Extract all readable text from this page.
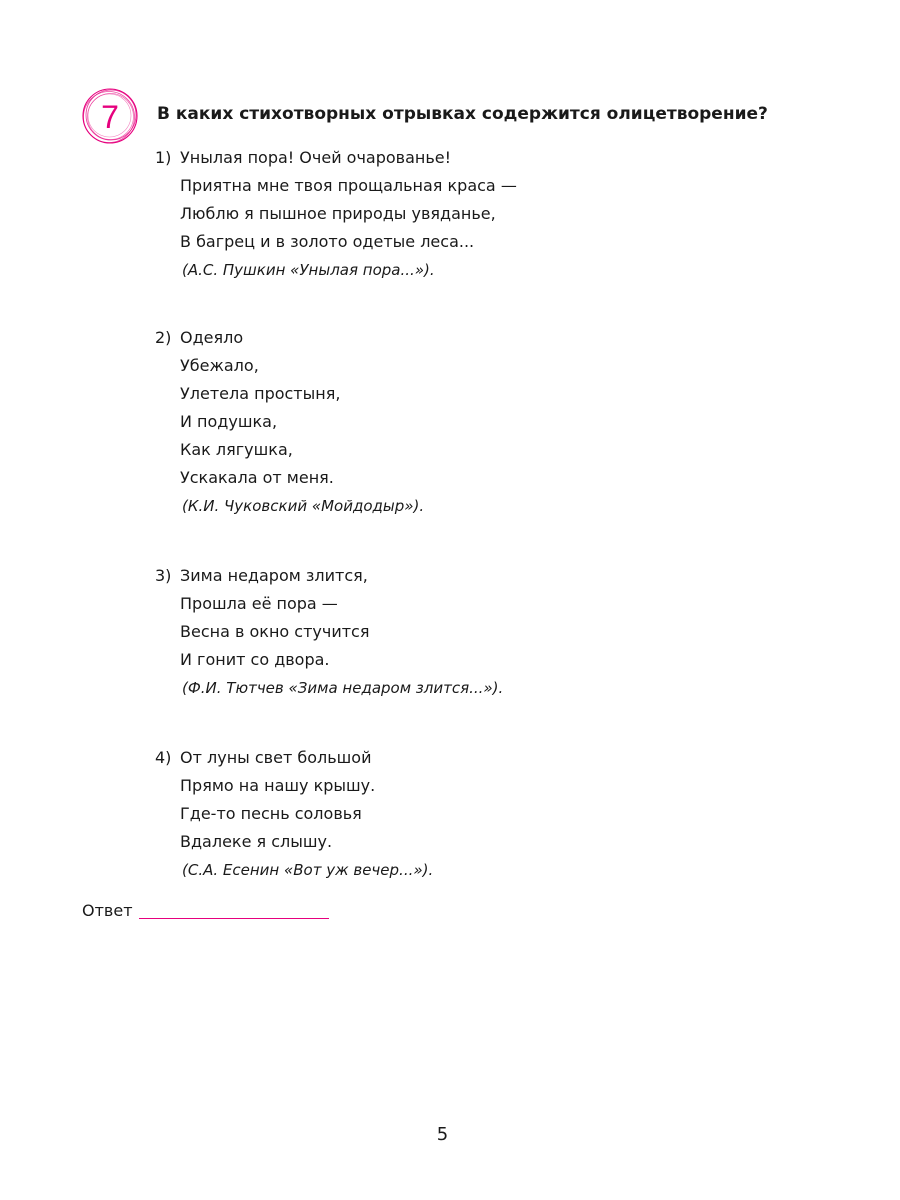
7 В каких стихотворных отрывках содержится олицетворение?
1) Унылая пора! Очей очарованье!
Приятна мне твоя прощальная краса —
Люблю я пышное природы увяданье,
В багрец и в золото одетые леса...
(А.С. Пушкин «Унылая пора...»).
2) Одеяло
Убежало,
Улетела простыня,
И подушка,
Как лягушка,
Ускакала от меня.
(К.И. Чуковский «Мойдодыр»).
3) Зима недаром злится,
Прошла её пора —
Весна в окно стучится
И гонит со двора.
(Ф.И. Тютчев «Зима недаром злится...»).
4) От луны свет большой
Прямо на нашу крышу.
Где-то песнь соловья
Вдалеке я слышу.
(С.А. Есенин «Вот уж вечер...»).
Ответ
5
